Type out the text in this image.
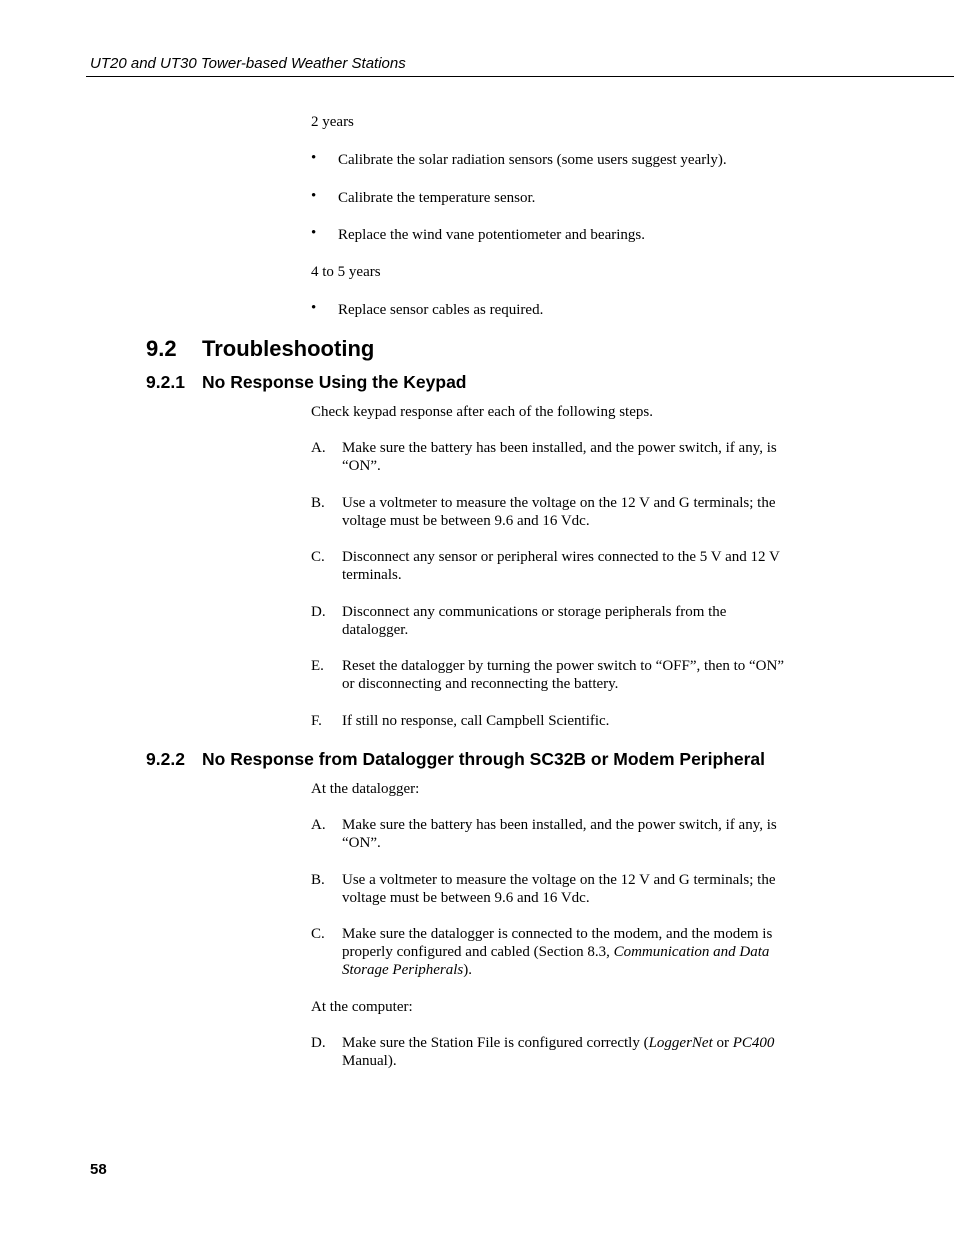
UT20 and UT30 Tower-based Weather Stations
2 years
• Calibrate the solar radiation sensors (some users suggest yearly).
• Calibrate the temperature sensor.
• Replace the wind vane potentiometer and bearings.
4 to 5 years
• Replace sensor cables as required.
9.2 Troubleshooting
9.2.1 No Response Using the Keypad
Check keypad response after each of the following steps.
A. Make sure the battery has been installed, and the power switch, if any, is
“ON”.
B. Use a voltmeter to measure the voltage on the 12 V and G terminals; the
voltage must be between 9.6 and 16 Vdc.
C. Disconnect any sensor or peripheral wires connected to the 5 V and 12 V
terminals.
D. Disconnect any communications or storage peripherals from the
datalogger.
E. Reset the datalogger by turning the power switch to “OFF”, then to “ON”
or disconnecting and reconnecting the battery.
F. If still no response, call Campbell Scientific.
9.2.2 No Response from Datalogger through SC32B or Modem Peripheral
At the datalogger:
A. Make sure the battery has been installed, and the power switch, if any, is
“ON”.
B. Use a voltmeter to measure the voltage on the 12 V and G terminals; the
voltage must be between 9.6 and 16 Vdc.
C. Make sure the datalogger is connected to the modem, and the modem is
properly configured and cabled (Section 8.3, Communication and Data
Storage Peripherals).
At the computer:
D. Make sure the Station File is configured correctly (LoggerNet or PC400
Manual).
58
